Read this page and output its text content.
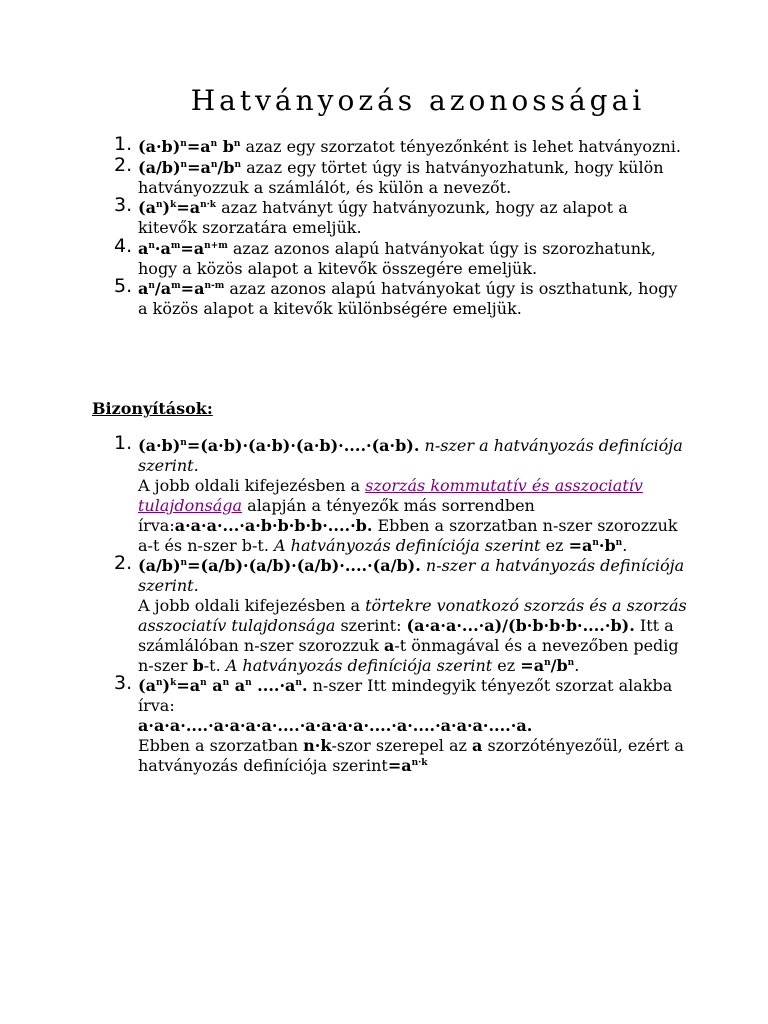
Hatványozás azonosságai
1. $(a\cdot b)^n=a^n$ $b^n$ azaz egy szorzatot tényezőnként is lehet hatványozni.
2. $(a/b)^n=a^n/b^n$ azaz egy törtet úgy is hatványozhatunk, hogy külön hatványozzuk a számlálót, és külön a nevezőt.
3. $(a^n)^k=a^{n\cdot k}$ azaz hatványt úgy hatványozunk, hogy az alapot a kitevők szorzatára emeljük.
4. $a^n\cdot a^m=a^{n+m}$ azaz azonos alapú hatványokat úgy is szorozhatunk, hogy a közös alapot a kitevők összegére emeljük.
5. $a^n/a^m=a^{n-m}$ azaz azonos alapú hatványokat úgy is oszthatunk, hogy a közös alapot a kitevők különbségére emeljük.
Bizonyítások:
1. $(a\cdot b)^n=(a\cdot b)\cdot(a\cdot b)\cdot(a\cdot b)\cdot....\cdot(a\cdot b)$. n-szer a hatványozás definíciója szerint.
A jobb oldali kifejezésben a szorzás kommutatív és asszociatív tulajdonsága alapján a tényezők más sorrendben írva:a·a·a·...·a·b·b·b·b·....·b. Ebben a szorzatban n-szer szorozzuk a-t és n-szer b-t. A hatványozás definíciója szerint ez $=a^n\cdot b^n$.
2. $(a/b)^n=(a/b)\cdot(a/b)\cdot(a/b)\cdot....\cdot(a/b)$. n-szer a hatványozás definíciója szerint.
A jobb oldali kifejezésben a törtekre vonatkozó szorzás és a szorzás asszociatív tulajdonsága szerint: (a·a·a·...·a)/(b·b·b·b·....·b). Itt a számlálóban n-szer szorozzuk a-t önmagával és a nevezőben pedig n-szer b-t. A hatványozás definíciója szerint ez $=a^n/b^n$.
3. $(a^n)^k=a^n$ $a^n$ $a^n$ $....\cdot a^n$. n-szer Itt mindegyik tényezőt szorzat alakba írva:
a·a·a·....·a·a·a·a·....·a·a·a·a·....·a·....·a·a·a·....·a.
Ebben a szorzatban n·k-szor szerepel az a szorzótényezőül, ezért a hatványozás definíciója $szerint=a^{n\cdot k}$
